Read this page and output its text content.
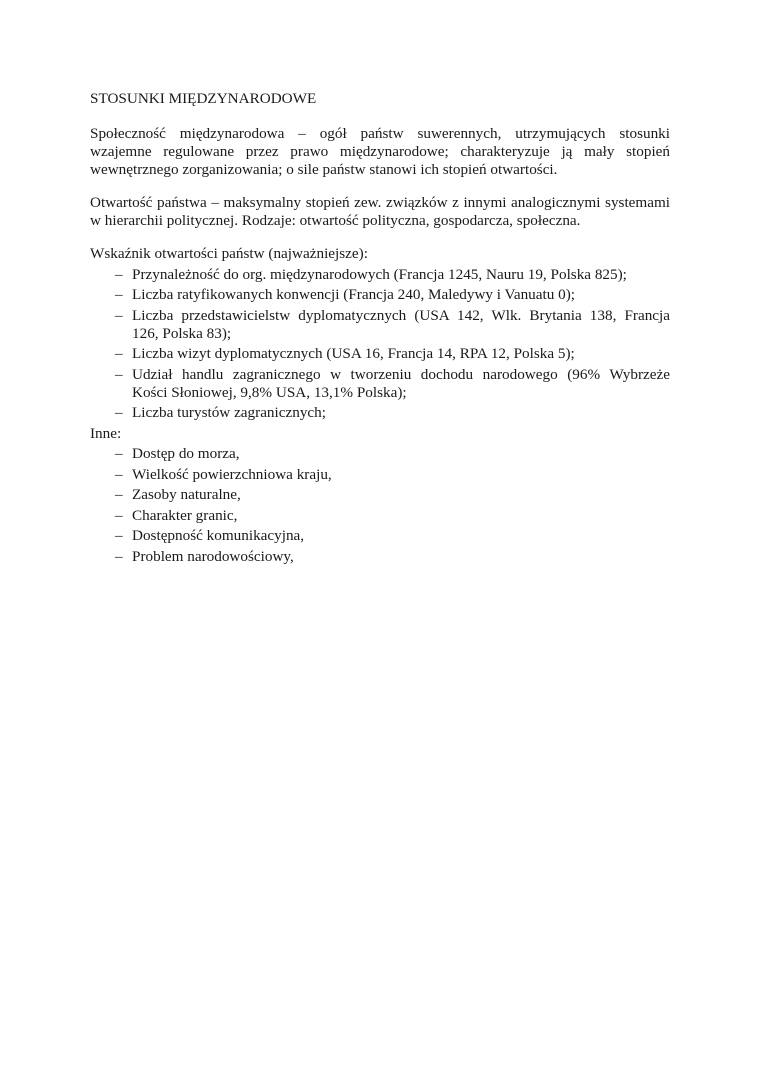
STOSUNKI MIĘDZYNARODOWE
Społeczność międzynarodowa – ogół państw suwerennych, utrzymujących stosunki
wzajemne regulowane przez prawo międzynarodowe; charakteryzuje ją mały stopień
wewnętrznego zorganizowania; o sile państw stanowi ich stopień otwartości.
Otwartość państwa – maksymalny stopień zew. związków z innymi analogicznymi systemami
w hierarchii politycznej. Rodzaje: otwartość polityczna, gospodarcza, społeczna.
Wskaźnik otwartości państw (najważniejsze):
– Przynależność do org. międzynarodowych (Francja 1245, Nauru 19, Polska 825);
– Liczba ratyfikowanych konwencji (Francja 240, Maledywy i Vanuatu 0);
– Liczba przedstawicielstw dyplomatycznych (USA 142, Wlk. Brytania 138, Francja
126, Polska 83);
– Liczba wizyt dyplomatycznych (USA 16, Francja 14, RPA 12, Polska 5);
– Udział handlu zagranicznego w tworzeniu dochodu narodowego (96% Wybrzeże
Kości Słoniowej, 9,8% USA, 13,1% Polska);
– Liczba turystów zagranicznych;
Inne:
– Dostęp do morza,
– Wielkość powierzchniowa kraju,
– Zasoby naturalne,
– Charakter granic,
– Dostępność komunikacyjna,
– Problem narodowościowy,
